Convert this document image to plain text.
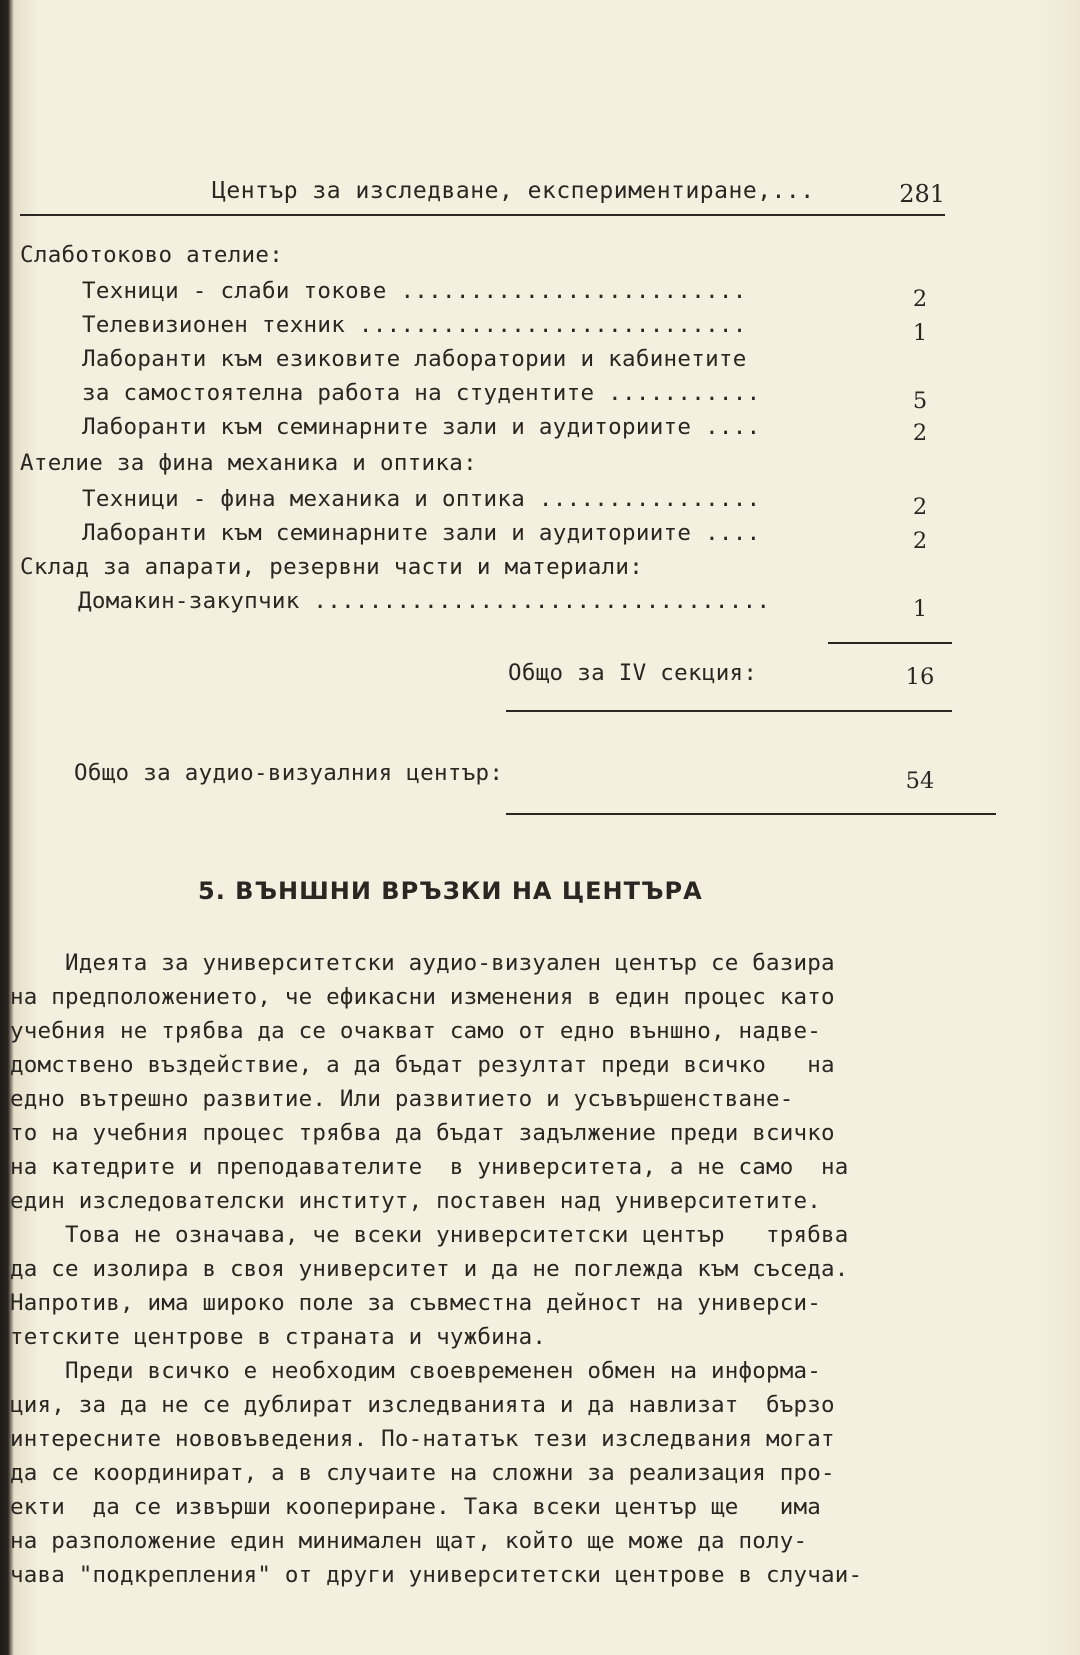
Център за изследване, експериментиране,...	281
Слаботоково ателие:
Техници - слаби токове .........................	2
Телевизионен техник ............................	1
Лаборанти към езиковите лаборатории и кабинетите
за самостоятелна работа на студентите ...........	5
Лаборанти към семинарните зали и аудиториите ....	2
Ателие за фина механика и оптика:
Техници - фина механика и оптика ................	2
Лаборанти към семинарните зали и аудиториите ....	2
Склад за апарати, резервни части и материали:
Домакин-закупчик .................................	1
Общо за IV секция:	16
Общо за аудио-визуалния център:	54
5. ВЪНШНИ ВРЪЗКИ НА ЦЕНТЪРА
Идеята за университетски аудио-визуален център се базира
на предположението, че ефикасни изменения в един процес като
учебния не трябва да се очакват само от едно външно, надве-
домствено въздействие, а да бъдат резултат преди всичко   на
едно вътрешно развитие. Или развитието и усъвършенстване-
то на учебния процес трябва да бъдат задължение преди всичко
на катедрите и преподавателите  в университета, а не само  на
един изследователски институт, поставен над университетите.
Това не означава, че всеки университетски център   трябва
да се изолира в своя университет и да не поглежда към съседа.
Напротив, има широко поле за съвместна дейност на универси-
тетските центрове в страната и чужбина.
Преди всичко е необходим своевременен обмен на информа-
ция, за да не се дублират изследванията и да навлизат  бързо
интересните нововъведения. По-нататък тези изследвания могат
да се координират, а в случаите на сложни за реализация про-
екти  да се извърши коопериране. Така всеки център ще   има
на разположение един минимален щат, който ще може да полу-
чава "подкрепления" от други университетски центрове в случаи-
